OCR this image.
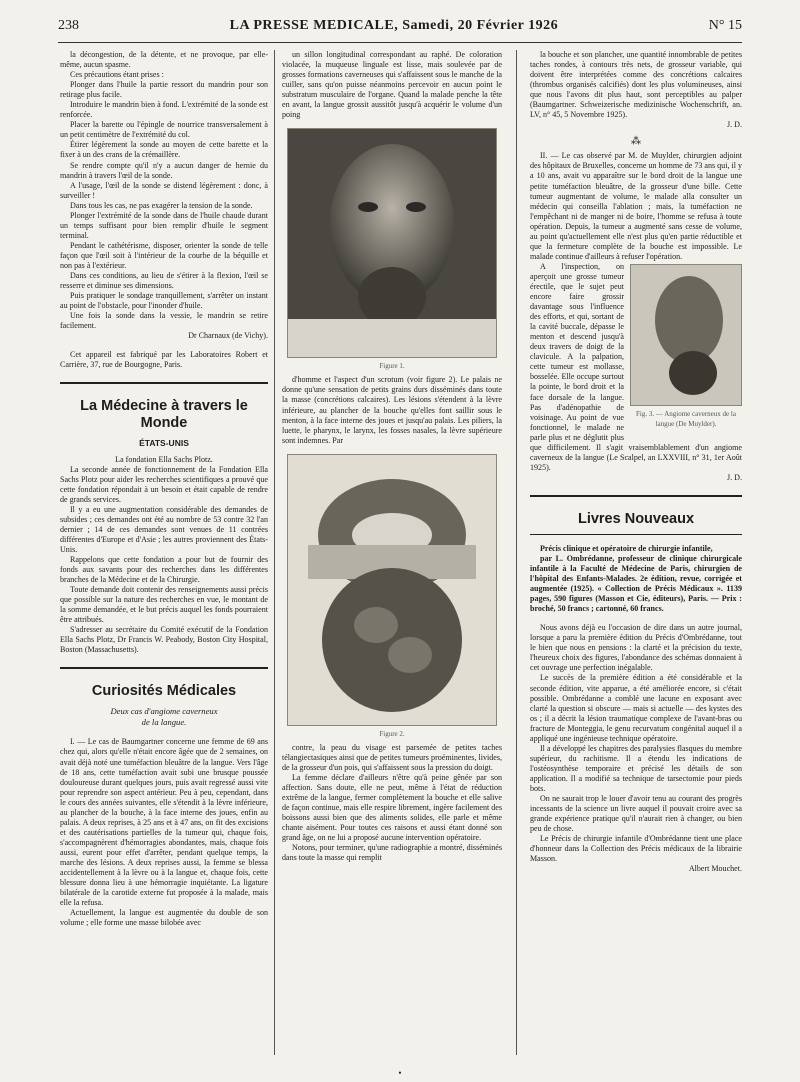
238	LA PRESSE MEDICALE, Samedi, 20 Février 1926	N° 15

la décongestion, de la détente, et ne provoque, par elle-même, aucun spasme.

Ces précautions étant prises :

Plonger dans l'huile la partie ressort du mandrin pour son retirage plus facile.

Introduire le mandrin bien à fond. L'extrémité de la sonde est renforcée.

Placer la barette ou l'épingle de nourrice transversalement à un petit centimètre de l'extrémité du col.

Étirer légèrement la sonde au moyen de cette barette et la fixer à un des crans de la crémaillère.

Se rendre compte qu'il n'y a aucun danger de hernie du mandrin à travers l'œil de la sonde.

A l'usage, l'œil de la sonde se distend légèrement : donc, à surveiller !

Dans tous les cas, ne pas exagérer la tension de la sonde.

Plonger l'extrémité de la sonde dans de l'huile chaude durant un temps suffisant pour bien remplir d'huile le segment terminal.

Pendant le cathétérisme, disposer, orienter la sonde de telle façon que l'œil soit à l'intérieur de la courbe de la béquille et non pas à l'extérieur.

Dans ces conditions, au lieu de s'étirer à la flexion, l'œil se resserre et diminue ses dimensions.

Puis pratiquer le sondage tranquillement, s'arrêter un instant au point de l'obstacle, pour l'inonder d'huile.

Une fois la sonde dans la vessie, le mandrin se retire facilement.

Dr Charnaux (de Vichy).

Cet appareil est fabriqué par les Laboratoires Robert et Carrière, 37, rue de Bourgogne, Paris.

La Médecine à travers le Monde
ÉTATS-UNIS

La fondation Ella Sachs Plotz.

La seconde année de fonctionnement de la Fondation Ella Sachs Plotz pour aider les recherches scientifiques a prouvé que cette fondation répondait à un besoin et était capable de rendre de grands services.

Il y a eu une augmentation considérable des demandes de subsides ; ces demandes ont été au nombre de 53 contre 32 l'an dernier ; 14 de ces demandes sont venues de 11 contrées différentes d'Europe et d'Asie ; les autres proviennent des États-Unis.

Rappelons que cette fondation a pour but de fournir des fonds aux savants pour des recherches dans les différentes branches de la Médecine et de la Chirurgie.

Toute demande doit contenir des renseignements aussi précis que possible sur la nature des recherches en vue, le montant de la somme demandée, et le but précis auquel les fonds pourraient être attribués.

S'adresser au secrétaire du Comité exécutif de la Fondation Ella Sachs Plotz, Dr Francis W. Peabody, Boston City Hospital, Boston (Massachusetts).

Curiosités Médicales

Deux cas d'angiome caverneux

de la langue.

I. — Le cas de Baumgartner concerne une femme de 69 ans chez qui, alors qu'elle n'était encore âgée que de 2 semaines, on avait déjà noté une tuméfaction bleuâtre de la langue. Vers l'âge de 18 ans, cette tuméfaction avait subi une brusque poussée douloureuse durant quelques jours, puis avait regressé aussi vite pour reprendre son aspect antérieur. Peu à peu, cependant, dans le cours des années suivantes, elle s'étendit à la lèvre inférieure, au plancher de la bouche, à la face interne des joues, enfin au palais. A deux reprises, à 25 ans et à 47 ans, on fit des excisions et des cautérisations partielles de la tumeur qui, chaque fois, s'accompagnèrent d'hémorragies abondantes, mais, chaque fois aussi, eurent pour effet d'arrêter, pendant quelque temps, la marche des lésions. A deux reprises aussi, la femme se blessa accidentellement à la lèvre ou à la langue et, chaque fois, cette blessure donna lieu à une hémorragie inquiétante. La ligature bilatérale de la carotide externe fut proposée à la malade, mais elle la refusa.

Actuellement, la langue est augmentée du double de son volume ; elle forme une masse bilobée avec

un sillon longitudinal correspondant au raphé. De coloration violacée, la muqueuse linguale est lisse, mais soulevée par de grosses formations caverneuses qui s'affaissent sous le manche de la cuiller, sans qu'on puisse néanmoins percevoir en aucun point le substratum musculaire de l'organe. Quand la malade penche la tête en avant, la langue grossit aussitôt jusqu'à acquérir le volume d'un poing

Figure 1.

d'homme et l'aspect d'un scrotum (voir figure 2). Le palais ne donne qu'une sensation de petits grains durs disséminés dans toute la masse (concrétions calcaires). Les lésions s'étendent à la lèvre inférieure, au plancher de la bouche qu'elles font saillir sous le menton, à la face interne des joues et jusqu'au palais. Les piliers, la luette, le pharynx, le larynx, les fosses nasales, la lèvre supérieure sont indemnes. Par

Figure 2.

contre, la peau du visage est parsemée de petites taches télangiectasiques ainsi que de petites tumeurs proéminentes, livides, de la grosseur d'un pois, qui s'affaissent sous la pression du doigt.

La femme déclare d'ailleurs n'être qu'à peine gênée par son affection. Sans doute, elle ne peut, même à l'état de réduction extrême de la langue, fermer complètement la bouche et elle salive de façon continue, mais elle respire librement, ingère facilement des boissons aussi bien que des aliments solides, elle parle et même chante aisément. Pour toutes ces raisons et aussi étant donné son grand âge, on ne lui a proposé aucune intervention opératoire.

Notons, pour terminer, qu'une radiographie a montré, disséminés dans toute la masse qui remplit

la bouche et son plancher, une quantité innombrable de petites taches rondes, à contours très nets, de grosseur variable, qui doivent être interprétées comme des concrétions calcaires (thrombus organisés calcifiés) dont les plus volumineuses, ainsi que nous l'avons dit plus haut, sont perceptibles au palper (Baumgartner. Schweizerische medizinische Wochenschrift, an. LV, n° 45, 5 Novembre 1925).

J. D.

⁂

II. — Le cas observé par M. de Muylder, chirurgien adjoint des hôpitaux de Bruxelles, concerne un homme de 73 ans qui, il y a 10 ans, avait vu apparaître sur le bord droit de la langue une petite tuméfaction bleuâtre, de la grosseur d'une bille. Cette tumeur augmentant de volume, le malade alla consulter un médecin qui conseilla l'ablation ; mais, la tuméfaction ne l'empêchant ni de manger ni de boire, l'homme se refusa à toute opération. Depuis, la tumeur a augmenté sans cesse de volume, au point qu'actuellement elle n'est plus qu'en partie réductible et que la fermeture complète de la bouche est impossible. Le malade continue d'ailleurs à refuser l'opération.

Fig. 3. — Angiome caverneux de la langue (De Muylder).

A l'inspection, on aperçoit une grosse tumeur érectile, que le sujet peut encore faire grossir davantage sous l'influence des efforts, et qui, sortant de la cavité buccale, dépasse le menton et descend jusqu'à deux travers de doigt de la clavicule. A la palpation, cette tumeur est mollasse, bosselée. Elle occupe surtout la pointe, le bord droit et la face dorsale de la langue. Pas d'adénopathie de voisinage. Au point de vue fonctionnel, le malade ne parle plus et ne déglutit plus que difficilement. Il s'agit vraisemblablement d'un angiome caverneux de la langue (Le Scalpel, an LXXVIII, n° 31, 1er Août 1925).

J. D.

Livres Nouveaux

Précis clinique et opératoire de chirurgie infantile,

par L. Ombrédanne, professeur de clinique chirurgicale infantile à la Faculté de Médecine de Paris, chirurgien de l'hôpital des Enfants-Malades. 2e édition, revue, corrigée et augmentée (1925). « Collection de Précis Médicaux ». 1139 pages, 590 figures (Masson et Cie, éditeurs), Paris. — Prix : broché, 50 francs ; cartonné, 60 francs.

Nous avons déjà eu l'occasion de dire dans un autre journal, lorsque a paru la première édition du Précis d'Ombrédanne, tout le bien que nous en pensions : la clarté et la précision du texte, l'heureux choix des figures, l'abondance des schémas donnaient à cet ouvrage une perfection inégalable.

Le succès de la première édition a été considérable et la seconde édition, vite apparue, a été améliorée encore, si c'était possible. Ombrédanne a comblé une lacune en exposant avec clarté la question si obscure — mais si actuelle — des kystes des os ; il a décrit la lésion traumatique complexe de l'avant-bras ou fracture de Monteggia, le genu recurvatum congénital auquel il a appliqué une ingénieuse technique opératoire.

Il a développé les chapitres des paralysies flasques du membre supérieur, du rachitisme. Il a étendu les indications de l'ostéosynthèse temporaire et précisé les détails de son application. Il a modifié sa technique de tarsectomie pour pieds bots.

On ne saurait trop le louer d'avoir tenu au courant des progrès incessants de la science un livre auquel il pouvait croire avec sa grande expérience pratique qu'il n'aurait rien à changer, ou bien peu de chose.

Le Précis de chirurgie infantile d'Ombrédanne tient une place d'honneur dans la Collection des Précis médicaux de la librairie Masson.

Albert Mouchet.

•
